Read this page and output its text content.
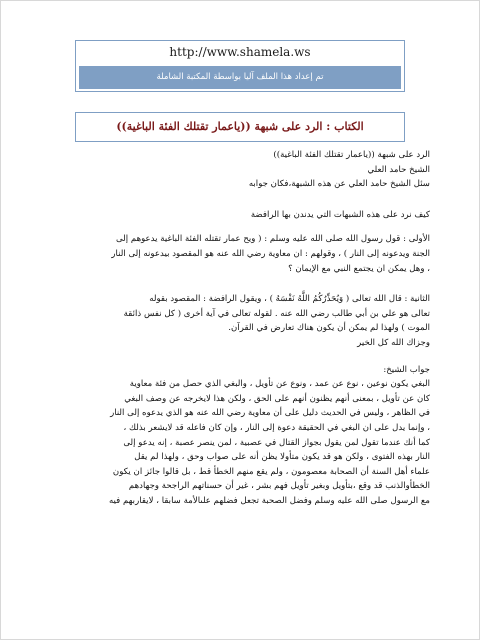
http://www.shamela.ws
تم إعداد هذا الملف آليا بواسطة المكتبة الشاملة
الكتاب : الرد على شبهة ((ياعمار تقتلك الفئة الباغية))

الرد على شبهة ((ياعمار تقتلك الفئة الباغية))

الشيخ حامد العلي

سئل الشيخ حامد العلي عن هذه الشبهة،فكان جوابه

كيف نرد على هذه الشبهات التي يدندن بها الرافضة

الأولى : قول رسول الله صلى الله عليه وسلم : ( ويح عمار تقتله الفئة الباغية يدعوهم إلى

الجنة ويدعونه إلى النار ) ، وقولهم : ان معاوية رضي الله عنه هو المقصود بيدعونه إلى النار

، وهل يمكن ان يجتمع النبي مع الإيمان ؟

الثانية : قال الله تعالى ( وَيُحَذِّرُكُمُ اللَّهُ نَفْسَهُ ) ، ويقول الرافضة : المقصود بقوله

تعالى هو علي بن أبي طالب رضي الله عنه . لقوله تعالى في آية أخرى ( كل نفس ذائقة

الموت ) ولهذا لم يمكن أن يكون هناك تعارض في القرآن.

وجزاك الله كل الخير

جواب الشيخ:

البغي يكون نوعين ، نوع عن عمد ، ونوع عن تأويل ، والبغي الذي حصل من فئة معاوية

كان عن تأويل ، بمعنى أنهم يظنون أنهم على الحق ، ولكن هذا لايخرجه عن وصف البغي

في الظاهر ، وليس في الحديث دليل على أن معاوية رضي الله عنه هو الذي يدعوه إلى النار

، وإنما يدل على ان البغي في الحقيقة دعوة إلى النار ، وإن كان فاعله قد لايشعر بذلك ،

كما أنك عندما تقول لمن يقول بجواز القتال في عصبية ، لمن ينصر عصبة ، إنه يدعو إلى

النار بهذه الفتوى ، ولكن هو قد يكون متأولا يظن أنه على صواب وحق ، ولهذا لم يقل

علماء أهل السنة أن الصحابة معصومون ، ولم يقع منهم الخطأ قط ، بل قالوا جائز ان يكون

الخطأوالذنب قد وقع ،بتأويل وبغير تأويل فهم بشر ، غير أن حسناتهم الراجحة وجهادهم

مع الرسول صلى الله عليه وسلم وفضل الصحبة تجعل فضلهم علىالأمة سابقا ، لايقاربهم فيه
